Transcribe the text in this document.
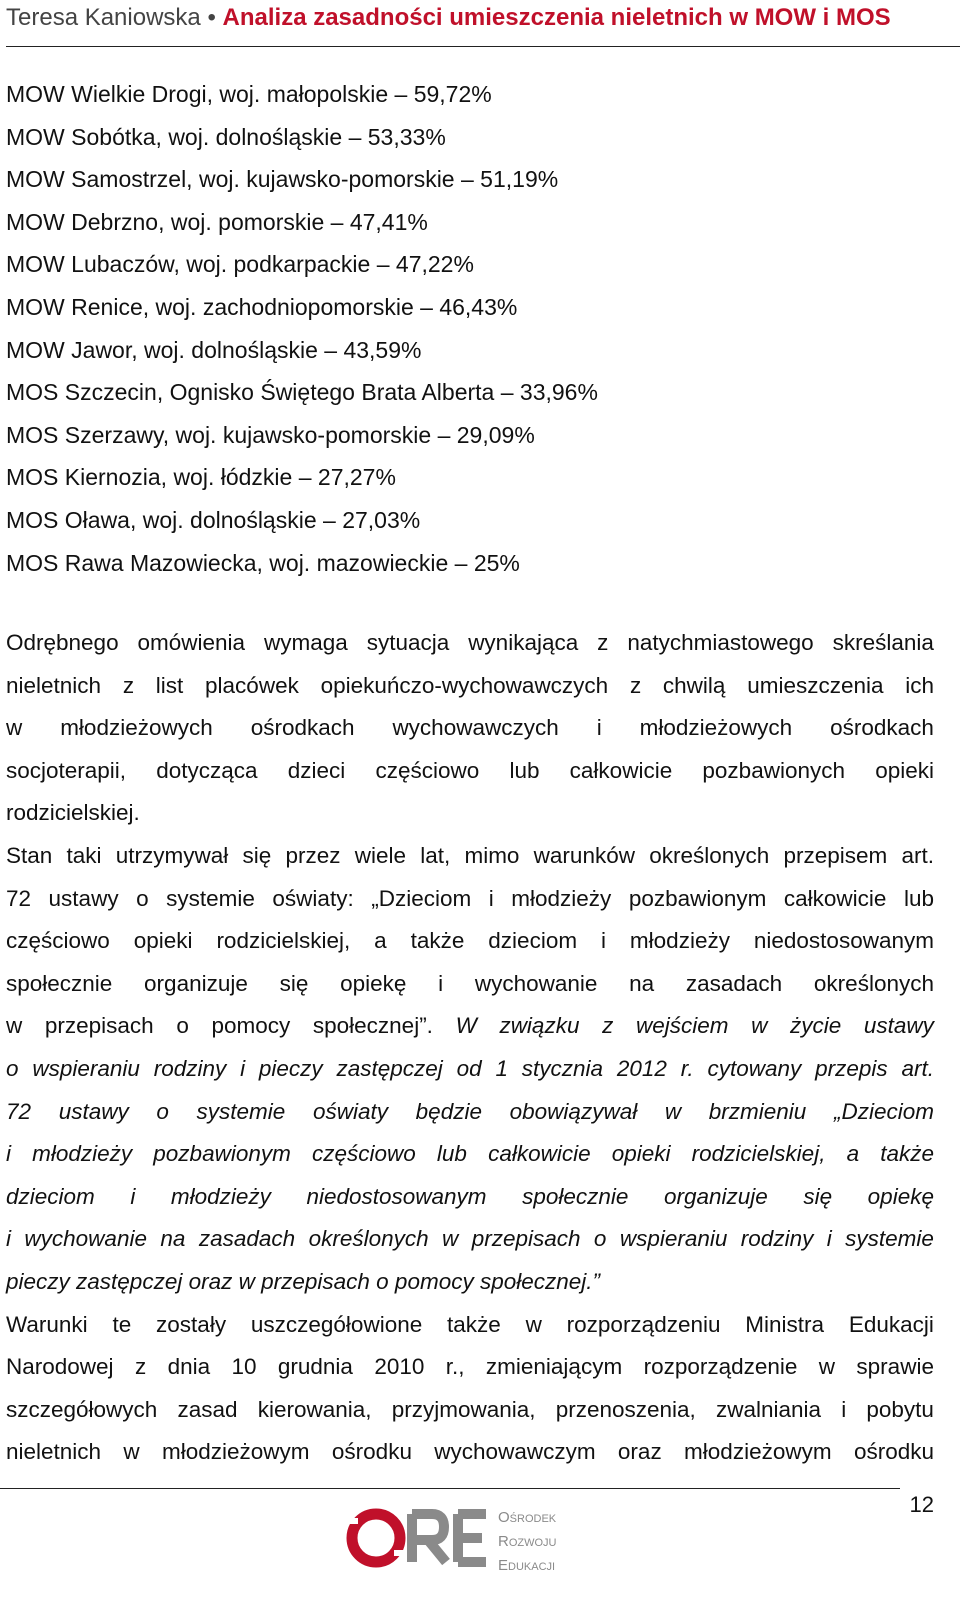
Teresa Kaniowska • Analiza zasadności umieszczenia nieletnich w MOW i MOS
MOW Wielkie Drogi, woj. małopolskie – 59,72%
MOW Sobótka, woj. dolnośląskie – 53,33%
MOW Samostrzel, woj. kujawsko-pomorskie – 51,19%
MOW Debrzno, woj. pomorskie – 47,41%
MOW Lubaczów, woj. podkarpackie – 47,22%
MOW Renice, woj. zachodniopomorskie – 46,43%
MOW Jawor, woj. dolnośląskie – 43,59%
MOS Szczecin, Ognisko Świętego Brata Alberta – 33,96%
MOS Szerzawy, woj. kujawsko-pomorskie – 29,09%
MOS Kiernozia, woj. łódzkie – 27,27%
MOS Oława, woj. dolnośląskie – 27,03%
MOS Rawa Mazowiecka, woj. mazowieckie – 25%
Odrębnego omówienia wymaga sytuacja wynikająca z natychmiastowego skreślania
nieletnich z list placówek opiekuńczo-wychowawczych z chwilą umieszczenia ich
w młodzieżowych ośrodkach wychowawczych i młodzieżowych ośrodkach
socjoterapii, dotycząca dzieci częściowo lub całkowicie pozbawionych opieki
rodzicielskiej.
Stan taki utrzymywał się przez wiele lat, mimo warunków określonych przepisem art.
72 ustawy o systemie oświaty: „Dzieciom i młodzieży pozbawionym całkowicie lub
częściowo opieki rodzicielskiej, a także dzieciom i młodzieży niedostosowanym
społecznie organizuje się opiekę i wychowanie na zasadach określonych
w przepisach o pomocy społecznej”. W związku z wejściem w życie ustawy
o wspieraniu rodziny i pieczy zastępczej od 1 stycznia 2012 r. cytowany przepis art.
72 ustawy o systemie oświaty będzie obowiązywał w brzmieniu „Dzieciom
i młodzieży pozbawionym częściowo lub całkowicie opieki rodzicielskiej, a także
dzieciom i młodzieży niedostosowanym społecznie organizuje się opiekę
i wychowanie na zasadach określonych w przepisach o wspieraniu rodziny i systemie
pieczy zastępczej oraz w przepisach o pomocy społecznej.”
Warunki te zostały uszczegółowione także w rozporządzeniu Ministra Edukacji
Narodowej z dnia 10 grudnia 2010 r., zmieniającym rozporządzenie w sprawie
szczegółowych zasad kierowania, przyjmowania, przenoszenia, zwalniania i pobytu
nieletnich w młodzieżowym ośrodku wychowawczym oraz młodzieżowym ośrodku
12
Ośrodek
Rozwoju
Edukacji
